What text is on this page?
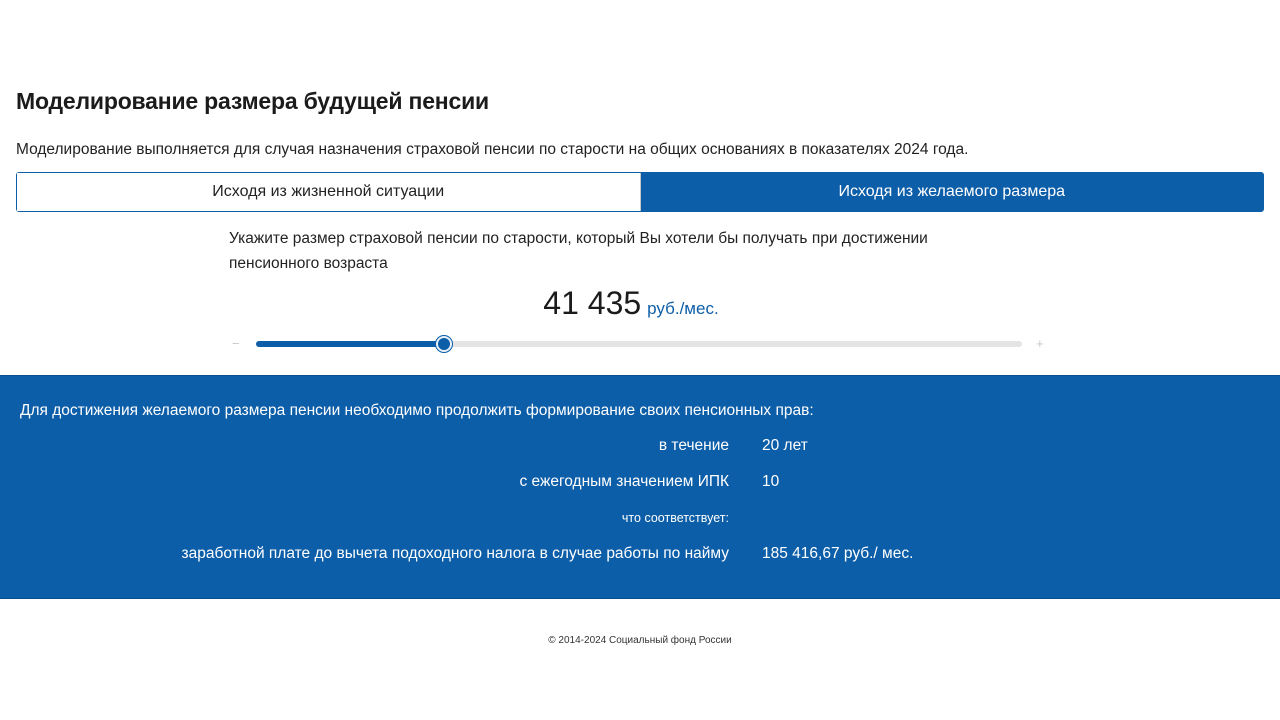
Моделирование размера будущей пенсии

Моделирование выполняется для случая назначения страховой пенсии по старости на общих основаниях в показателях 2024 года.

Исходя из жизненной ситуации	Исходя из желаемого размера

Укажите размер страховой пенсии по старости, который Вы хотели бы получать при достижении пенсионного возраста

41 435 руб./мес.
−	+

Для достижения желаемого размера пенсии необходимо продолжить формирование своих пенсионных прав:

в течение 20 лет
с ежегодным значением ИПК 10
что соответствует:
заработной плате до вычета подоходного налога в случае работы по найму 185 416,67 руб./ мес.
© 2014-2024 Социальный фонд России
